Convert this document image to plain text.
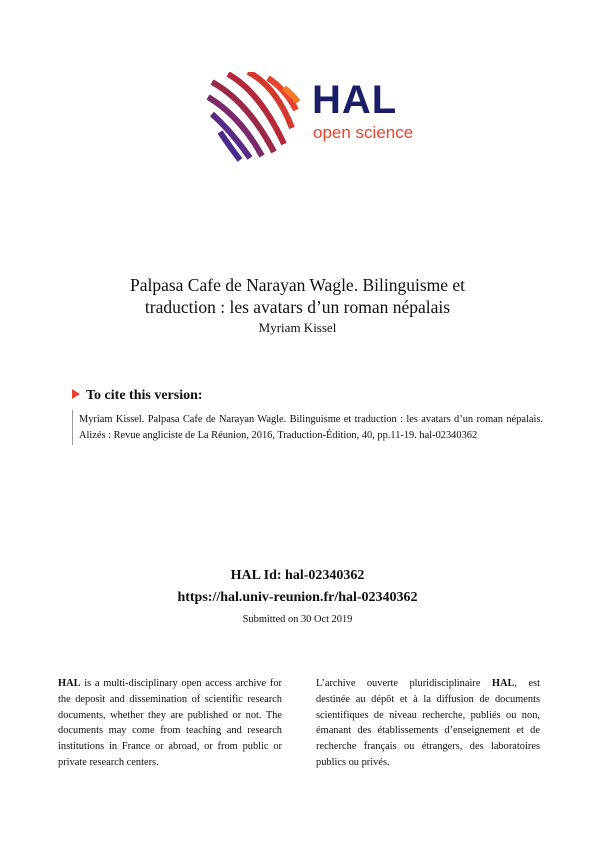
HAL
open science
Palpasa Cafe de Narayan Wagle. Bilinguisme et
traduction : les avatars d’un roman népalais
Myriam Kissel
To cite this version:
Myriam Kissel. Palpasa Cafe de Narayan Wagle. Bilinguisme et traduction : les avatars d’un roman népalais. Alizés : Revue angliciste de La Réunion, 2016, Traduction-Édition, 40, pp.11-19. hal-02340362
HAL Id: hal-02340362
https://hal.univ-reunion.fr/hal-02340362
Submitted on 30 Oct 2019
HAL is a multi-disciplinary open access archive for the deposit and dissemination of scientific research documents, whether they are published or not. The documents may come from teaching and research institutions in France or abroad, or from public or private research centers.
L’archive ouverte pluridisciplinaire HAL, est destinée au dépôt et à la diffusion de documents scientifiques de niveau recherche, publiés ou non, émanant des établissements d’enseignement et de recherche français ou étrangers, des laboratoires publics ou privés.
